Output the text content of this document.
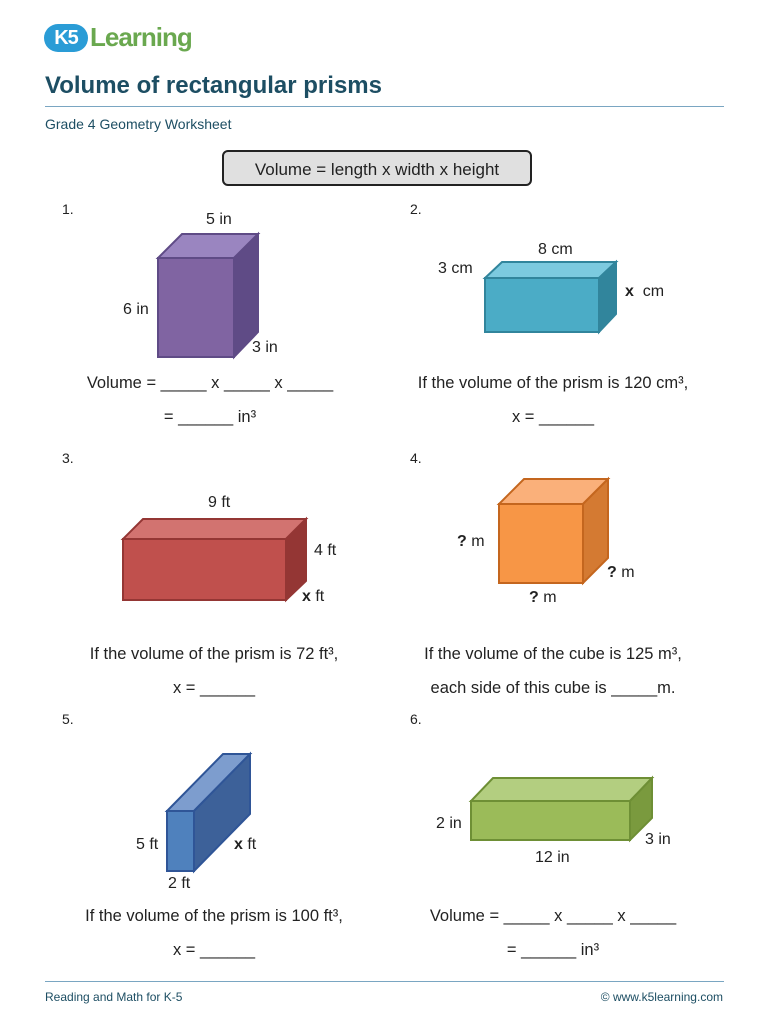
K5 Learning
Volume of rectangular prisms
Grade 4 Geometry Worksheet
Volume = length x width x height
1.
5 in
6 in
3 in
Volume = _____ x _____ x _____
= ______ in³
2.
8 cm
3 cm
x cm
If the volume of the prism is 120 cm³,
x = ______
3.
9 ft
4 ft
x ft
If the volume of the prism is 72 ft³,
x = ______
4.
? m
? m
? m
If the volume of the cube is 125 m³,
each side of this cube is _____m.
5.
5 ft	x ft
2 ft
If the volume of the prism is 100 ft³,
x = ______
6.
2 in
12 in
3 in
Volume = _____ x _____ x _____
= ______ in³
Reading and Math for K-5	© www.k5learning.com
